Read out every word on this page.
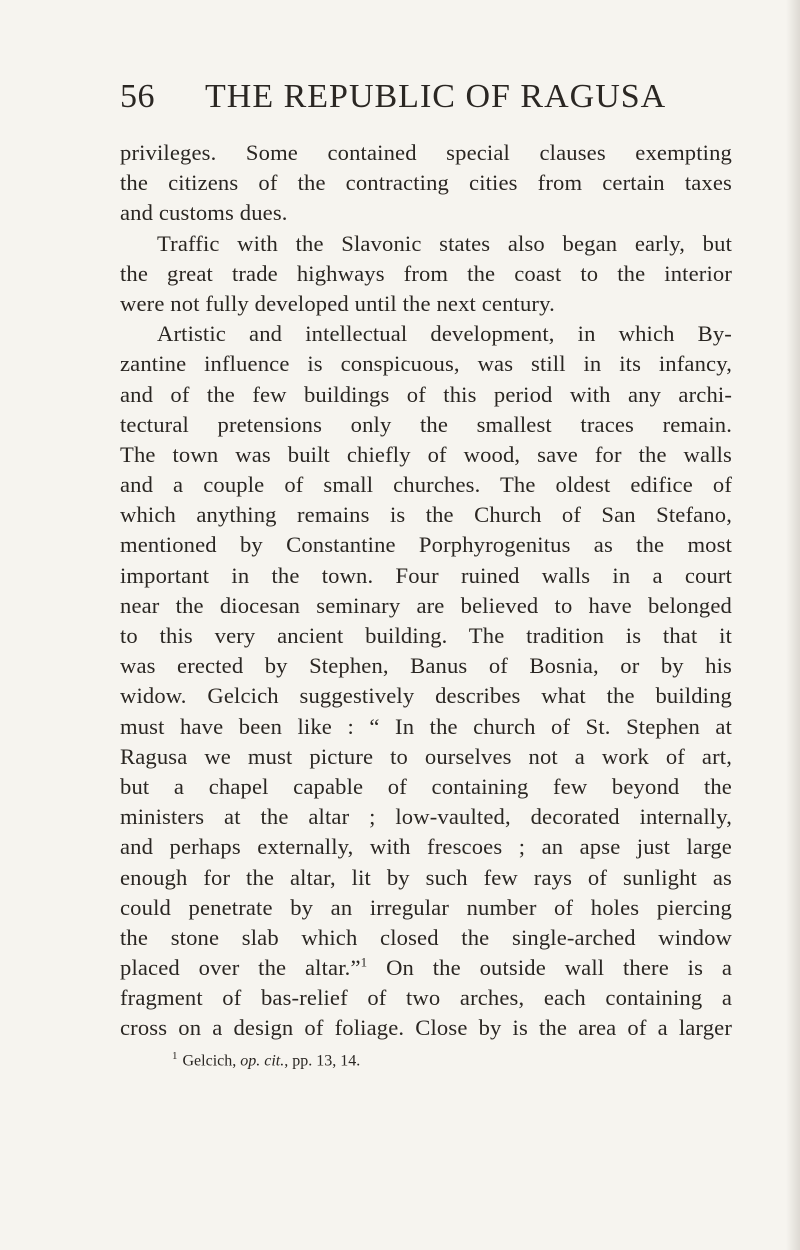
56	THE REPUBLIC OF RAGUSA
privileges. Some contained special clauses exempting
the citizens of the contracting cities from certain taxes
and customs dues.
Traffic with the Slavonic states also began early, but
the great trade highways from the coast to the interior
were not fully developed until the next century.
Artistic and intellectual development, in which By-
zantine influence is conspicuous, was still in its infancy,
and of the few buildings of this period with any archi-
tectural pretensions only the smallest traces remain.
The town was built chiefly of wood, save for the walls
and a couple of small churches. The oldest edifice of
which anything remains is the Church of San Stefano,
mentioned by Constantine Porphyrogenitus as the most
important in the town. Four ruined walls in a court
near the diocesan seminary are believed to have belonged
to this very ancient building. The tradition is that it
was erected by Stephen, Banus of Bosnia, or by his
widow. Gelcich suggestively describes what the building
must have been like : “ In the church of St. Stephen at
Ragusa we must picture to ourselves not a work of art,
but a chapel capable of containing few beyond the
ministers at the altar ; low-vaulted, decorated internally,
and perhaps externally, with frescoes ; an apse just large
enough for the altar, lit by such few rays of sunlight as
could penetrate by an irregular number of holes piercing
the stone slab which closed the single-arched window
placed over the altar.”$^1$ On the outside wall there is a
fragment of bas-relief of two arches, each containing a
cross on a design of foliage. Close by is the area of a larger
$^1$ Gelcich, op. cit., pp. 13, 14.
